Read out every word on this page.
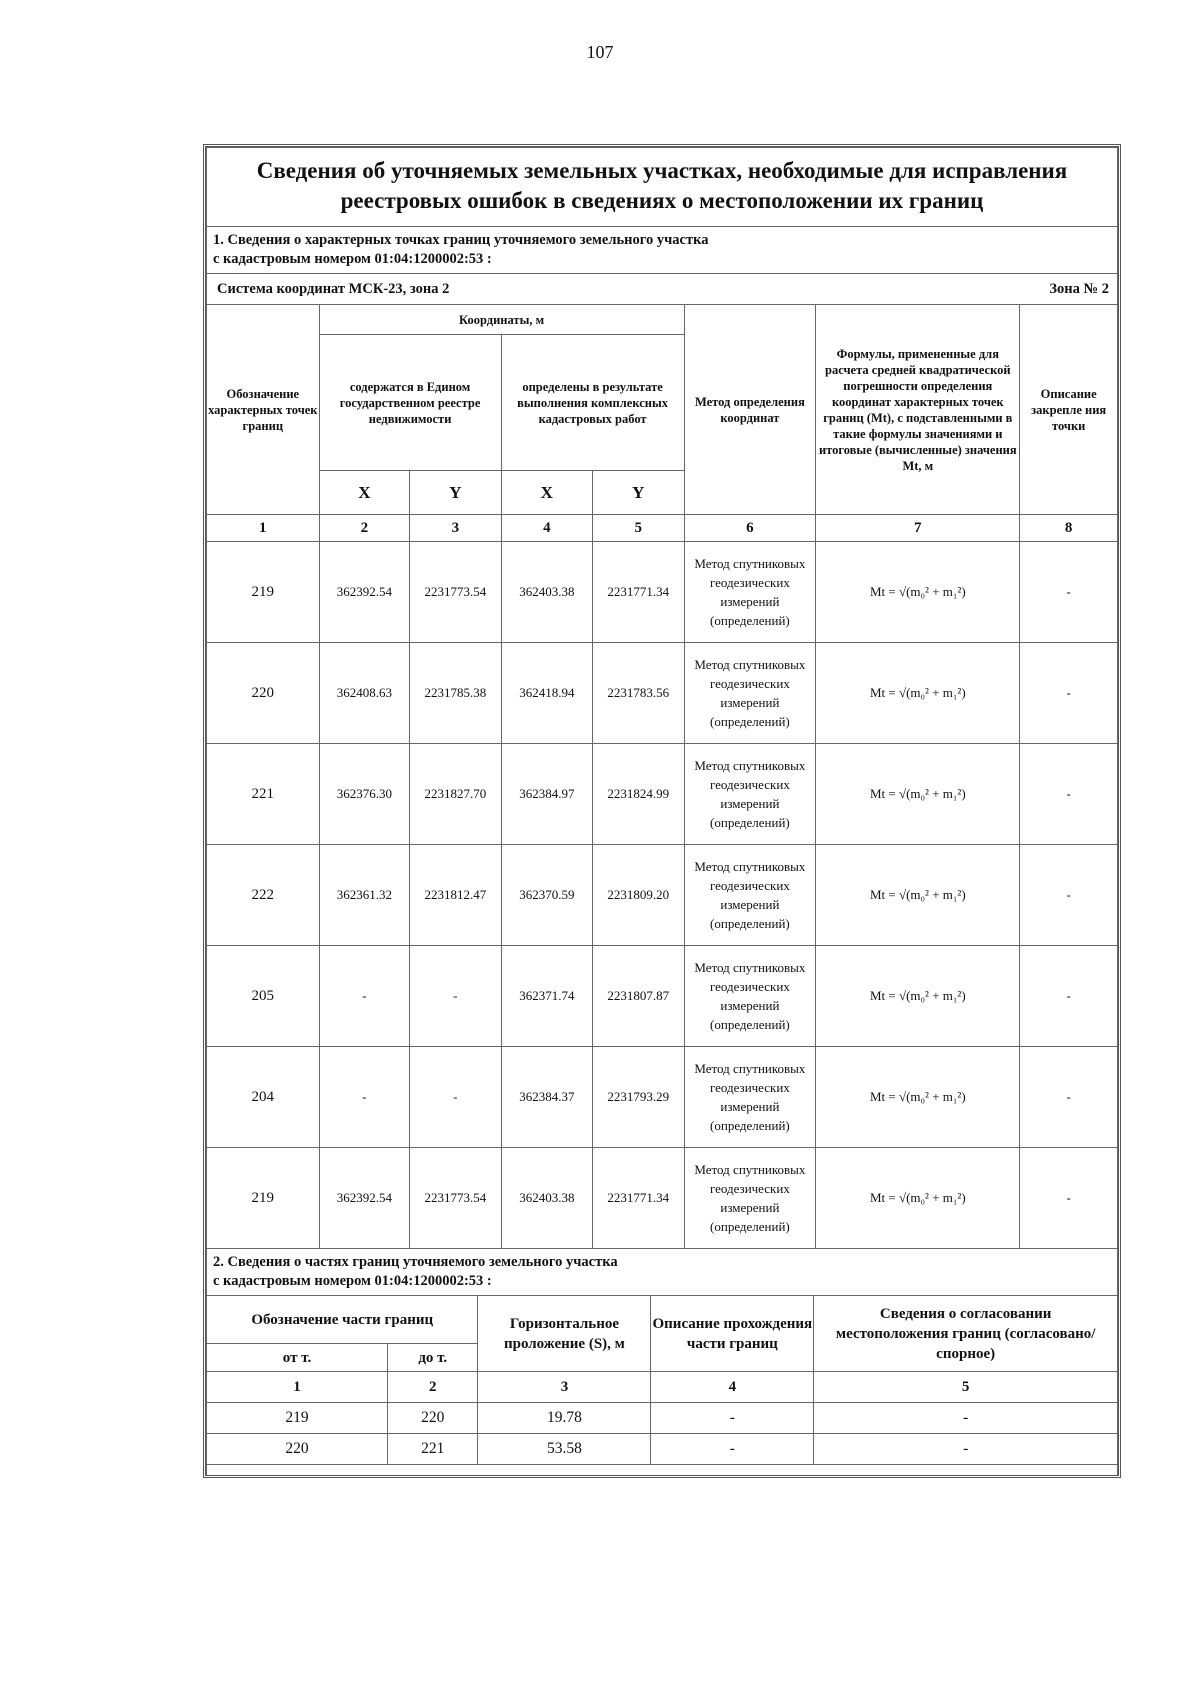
107
Сведения об уточняемых земельных участках, необходимые для исправления
реестровых ошибок в сведениях о местоположении их границ							

1. Сведения о характерных точках границ уточняемого земельного участка
с кадастровым номером 01:04:1200002:53 :							

Система координат МСК-23, зона 2					Зона № 2		
Обозначение характерных точек границ	Координаты, м				Метод определения координат	Формулы, примененные для расчета средней квадратической погрешности определения координат характерных точек границ (Mt), с подставленными в такие формулы значениями и итоговые (вычисленные) значения Mt, м	Описание закрепле ния точки
	содержатся в Едином государственном реестре недвижимости		определены в результате выполнения комплексных кадастровых работ				
	X	Y	X	Y			
1	2	3	4	5	6	7	8
219	362392.54	2231773.54	362403.38	2231771.34	Метод спутниковых геодезических измерений (определений)	Mt = √(m₀² + m₁²)	-
220	362408.63	2231785.38	362418.94	2231783.56	Метод спутниковых геодезических измерений (определений)	Mt = √(m₀² + m₁²)	-
221	362376.30	2231827.70	362384.97	2231824.99	Метод спутниковых геодезических измерений (определений)	Mt = √(m₀² + m₁²)	-
222	362361.32	2231812.47	362370.59	2231809.20	Метод спутниковых геодезических измерений (определений)	Mt = √(m₀² + m₁²)	-
205	-	-	362371.74	2231807.87	Метод спутниковых геодезических измерений (определений)	Mt = √(m₀² + m₁²)	-
204	-	-	362384.37	2231793.29	Метод спутниковых геодезических измерений (определений)	Mt = √(m₀² + m₁²)	-
219	362392.54	2231773.54	362403.38	2231771.34	Метод спутниковых геодезических измерений (определений)	Mt = √(m₀² + m₁²)	-

2. Сведения о частях границ уточняемого земельного участка
с кадастровым номером 01:04:1200002:53 :							
Обозначение части границ		Горизонтальное проложение (S), м	Описание прохождения части границ	Сведения о согласовании местоположения границ (согласовано/спорное)
от т.	до т.			
1	2	3	4	5
219	220	19.78	-	-
220	221	53.58	-	-
